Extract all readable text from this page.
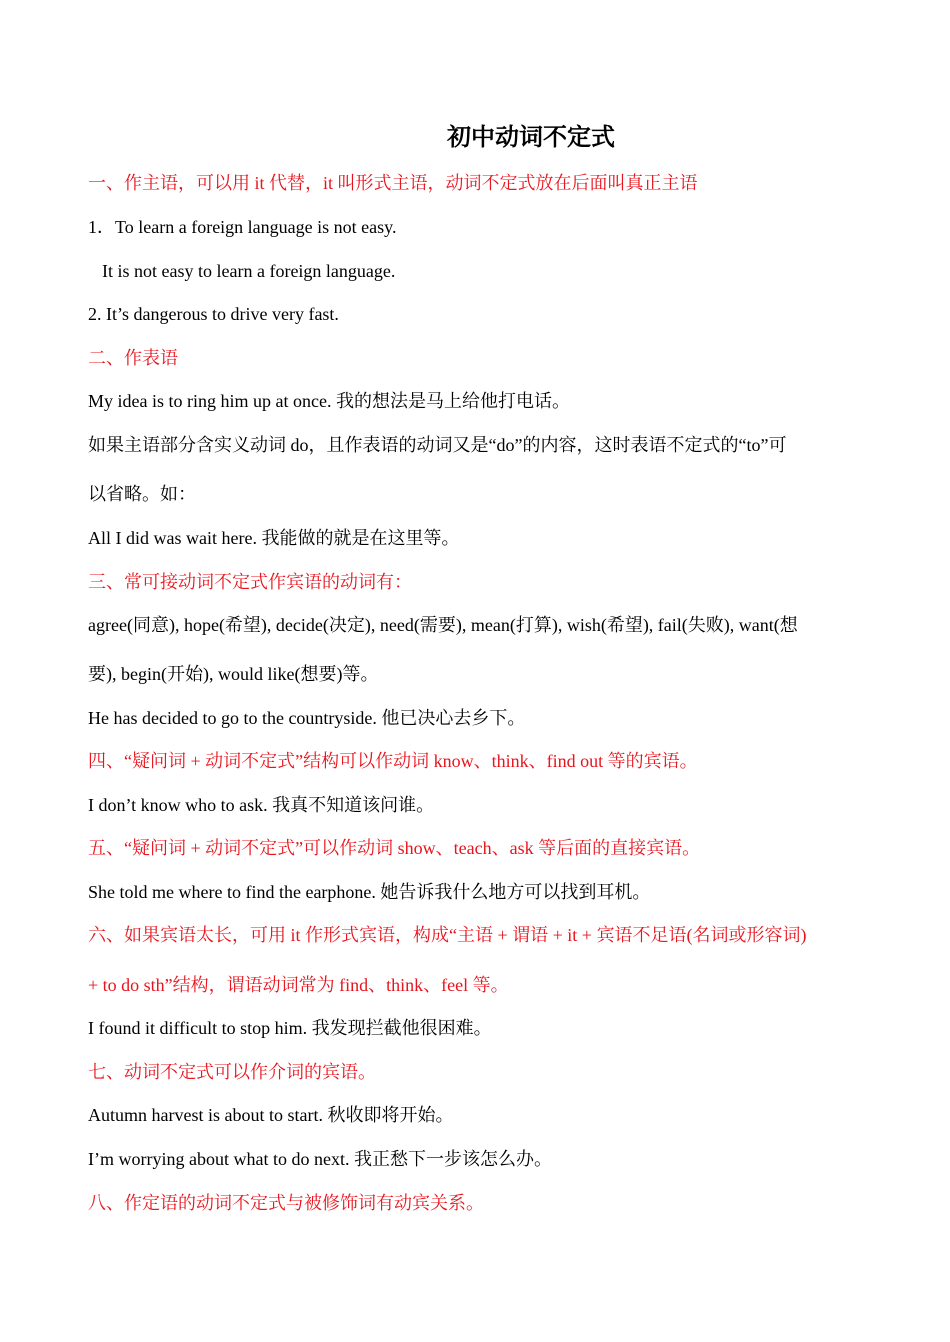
初中动词不定式
一、作主语，可以用 it 代替，it 叫形式主语，动词不定式放在后面叫真正主语
1．To learn a foreign language is not easy.
It is not easy to learn a foreign language.
2. It’s dangerous to drive very fast.
二、作表语
My idea is to ring him up at once. 我的想法是马上给他打电话。
如果主语部分含实义动词 do，且作表语的动词又是“do”的内容，这时表语不定式的“to”可
以省略。如：
All I did was wait here. 我能做的就是在这里等。
三、常可接动词不定式作宾语的动词有：
agree(同意), hope(希望), decide(决定), need(需要), mean(打算), wish(希望), fail(失败), want(想
要), begin(开始), would like(想要)等。
He has decided to go to the countryside. 他已决心去乡下。
四、“疑问词 + 动词不定式”结构可以作动词 know、think、find out 等的宾语。
I don’t know who to ask. 我真不知道该问谁。
五、“疑问词 + 动词不定式”可以作动词 show、teach、ask 等后面的直接宾语。
She told me where to find the earphone. 她告诉我什么地方可以找到耳机。
六、如果宾语太长，可用 it 作形式宾语，构成“主语 + 谓语 + it + 宾语不足语(名词或形容词)
+ to do sth”结构，谓语动词常为 find、think、feel 等。
I found it difficult to stop him. 我发现拦截他很困难。
七、动词不定式可以作介词的宾语。
Autumn harvest is about to start. 秋收即将开始。
I’m worrying about what to do next. 我正愁下一步该怎么办。
八、作定语的动词不定式与被修饰词有动宾关系。
